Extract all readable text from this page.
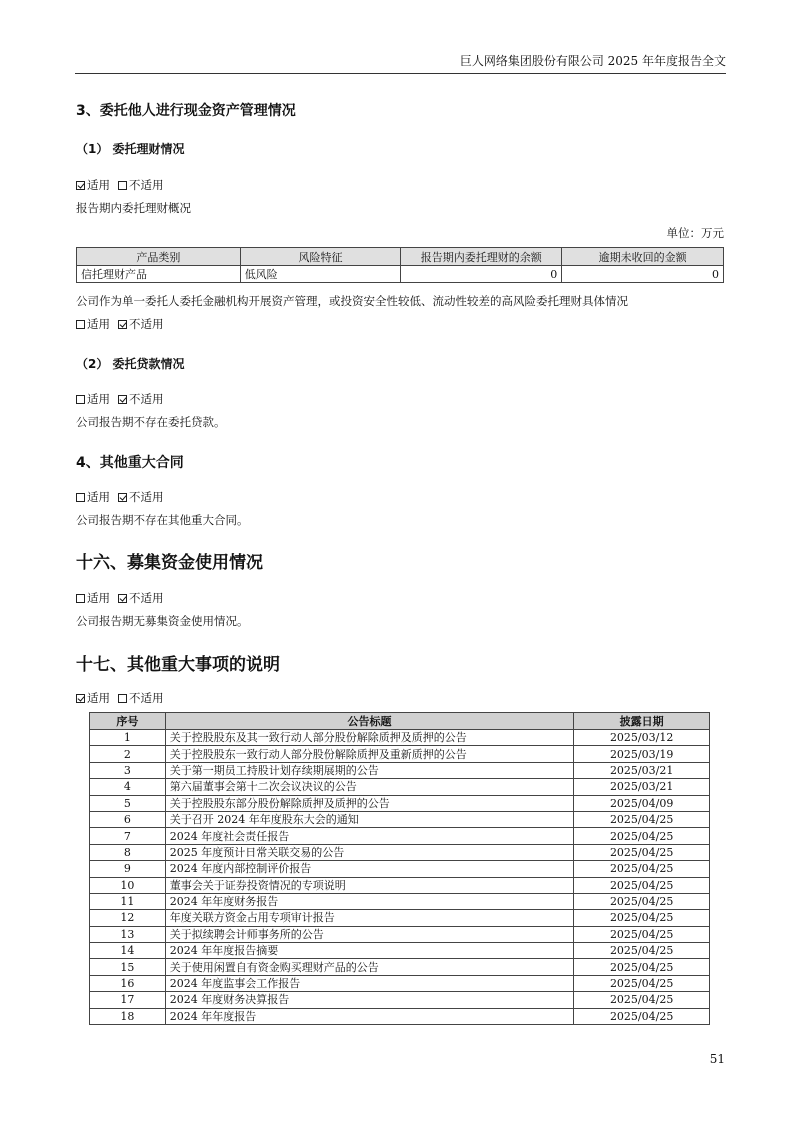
巨人网络集团股份有限公司 2025 年年度报告全文
3、委托他人进行现金资产管理情况
（1） 委托理财情况
适用 不适用
报告期内委托理财概况
单位：万元
产品类别	风险特征	报告期内委托理财的余额	逾期未收回的金额
信托理财产品	低风险	0	0
公司作为单一委托人委托金融机构开展资产管理，或投资安全性较低、流动性较差的高风险委托理财具体情况
适用 不适用
（2） 委托贷款情况
适用 不适用
公司报告期不存在委托贷款。
4、其他重大合同
适用 不适用
公司报告期不存在其他重大合同。
十六、募集资金使用情况
适用 不适用
公司报告期无募集资金使用情况。
十七、其他重大事项的说明
适用 不适用
序号	公告标题	披露日期
1	关于控股股东及其一致行动人部分股份解除质押及质押的公告	2025/03/12
2	关于控股股东一致行动人部分股份解除质押及重新质押的公告	2025/03/19
3	关于第一期员工持股计划存续期展期的公告	2025/03/21
4	第六届董事会第十二次会议决议的公告	2025/03/21
5	关于控股股东部分股份解除质押及质押的公告	2025/04/09
6	关于召开 2024 年年度股东大会的通知	2025/04/25
7	2024 年度社会责任报告	2025/04/25
8	2025 年度预计日常关联交易的公告	2025/04/25
9	2024 年度内部控制评价报告	2025/04/25
10	董事会关于证券投资情况的专项说明	2025/04/25
11	2024 年年度财务报告	2025/04/25
12	年度关联方资金占用专项审计报告	2025/04/25
13	关于拟续聘会计师事务所的公告	2025/04/25
14	2024 年年度报告摘要	2025/04/25
15	关于使用闲置自有资金购买理财产品的公告	2025/04/25
16	2024 年度监事会工作报告	2025/04/25
17	2024 年度财务决算报告	2025/04/25
18	2024 年年度报告	2025/04/25
51
